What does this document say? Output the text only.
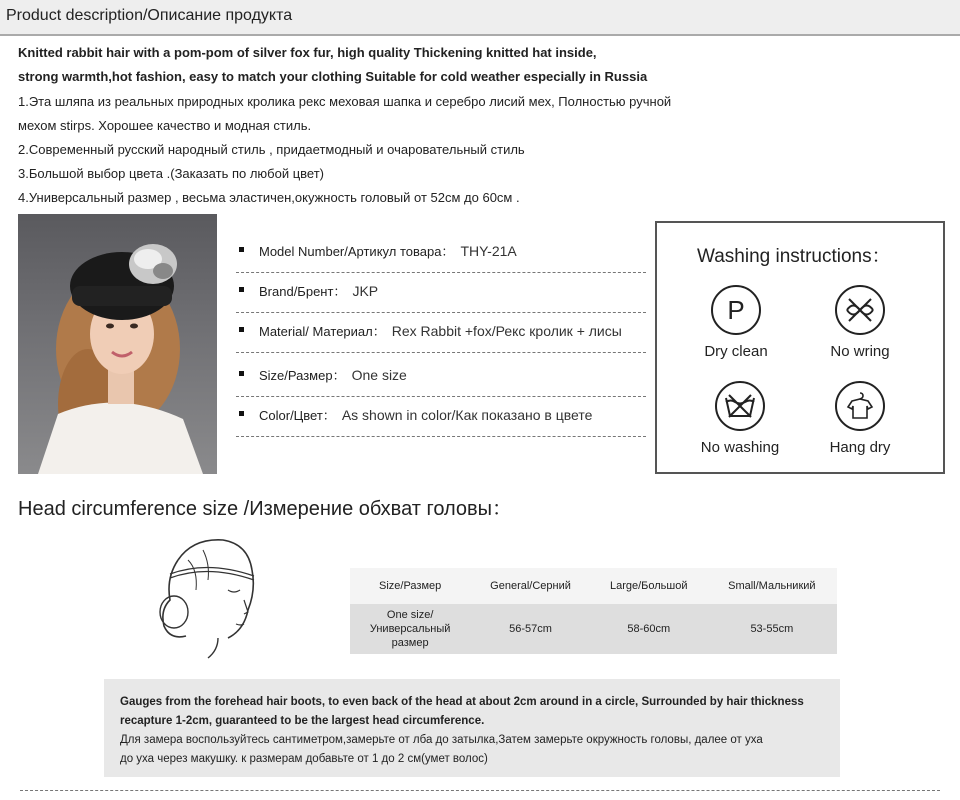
Product description/Описание продукта
Knitted rabbit hair with a pom-pom of silver fox fur, high quality Thickening knitted hat inside,
strong warmth,hot fashion, easy to match your clothing Suitable for cold weather especially in Russia
1.Эта шляпа из реальных природных кролика рекс меховая шапка и серебро лисий мех, Полностью ручной
мехом stirps. Хорошее качество и модная стиль.
2.Современный русский народный стиль , придаетмодный и очаровательный стиль
3.Большой выбор цвета .(Заказать по любой цвет)
4.Универсальный размер , весьма эластичен,окужность головый от 52см до 60см .
Model Number/Артикул товара： THY-21A
Brand/Брент： JKP
Material/ Материал： Rex Rabbit +fox/Рекс кролик + лисы
Size/Размер： One size
Color/Цвет： As shown in color/Как показано в цвете
Washing instructions：
P
Dry clean	No wring
No washing	Hang dry
Head circumference size /Измерение обхват головы：
Size/Размер	General/Серний	Large/Большой	Small/Мальникий
One size/
Универсальный
размер	56-57cm	58-60cm	53-55cm
Gauges from the forehead hair boots, to even back of the head at about 2cm around in a circle, Surrounded by hair thickness
recapture 1-2cm, guaranteed to be the largest head circumference.
Для замера воспользуйтесь сантиметром,замерьте от лба до затылка,Затем замерьте окружность головы, далее от уха
до уха через макушку. к размерам добавьте от 1 до 2 см(умет волос)
